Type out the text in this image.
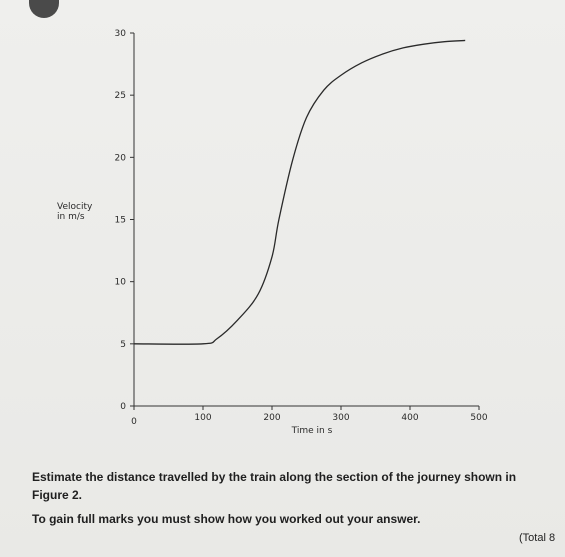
0	100	200	300	400	500
0
5
10
15
20
25
30
Time in s
Velocity
in m/s
Estimate the distance travelled by the train along the section of the journey shown in
Figure 2.
To gain full marks you must show how you worked out your answer.
(Total 8
